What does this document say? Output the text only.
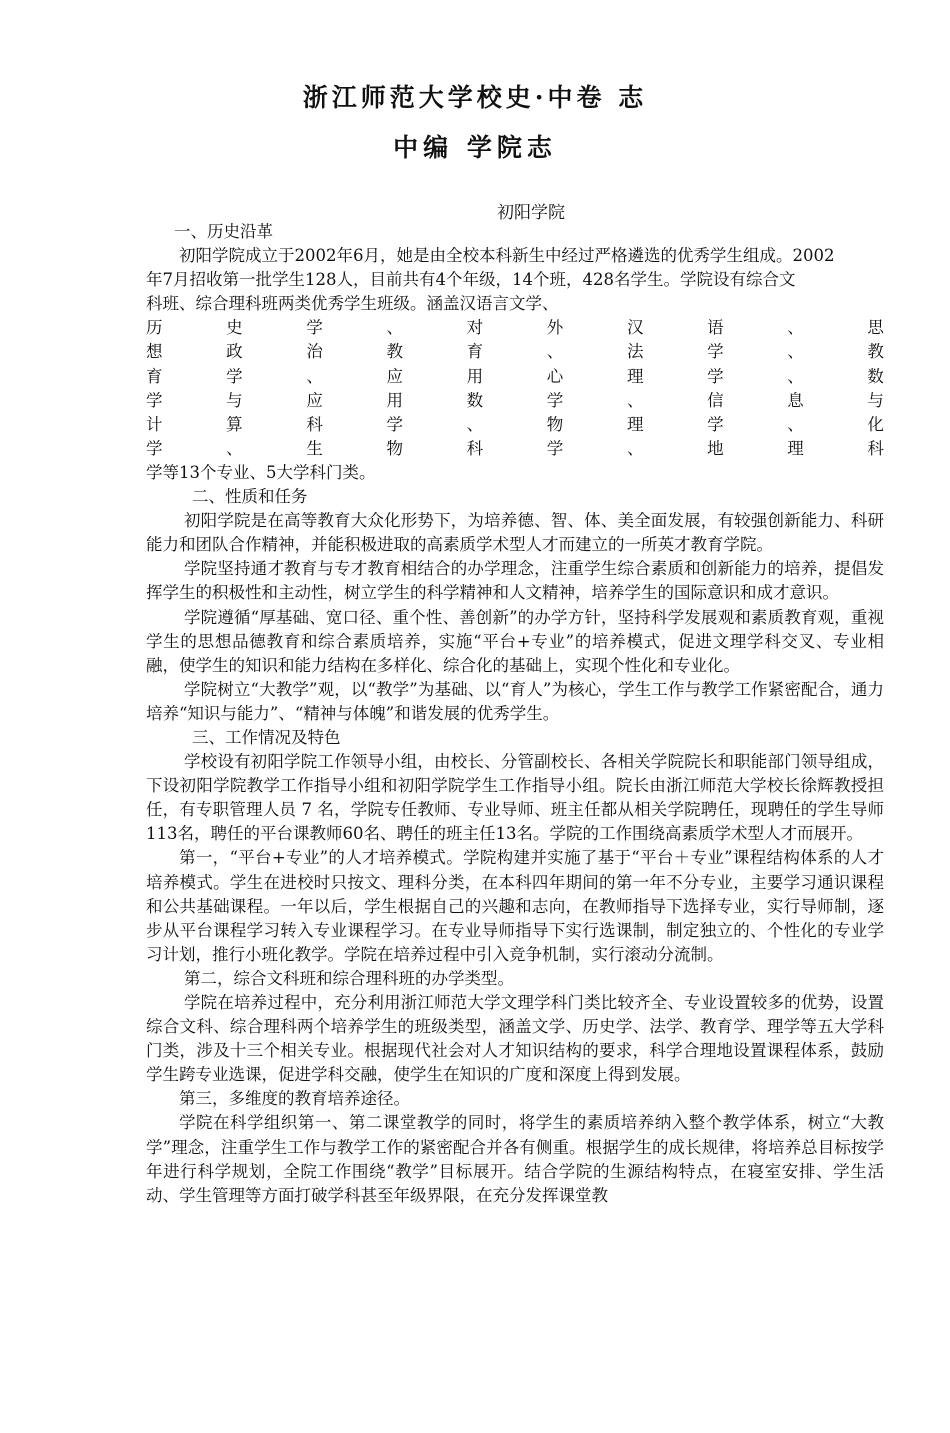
浙江师范大学校史·中卷 志
中编 学院志
初阳学院

一、历史沿革

初阳学院成立于2002年6月，她是由全校本科新生中经过严格遴选的优秀学生组成。2002

年7月招收第一批学生128人，目前共有4个年级，14个班，428名学生。学院设有综合文

科班、综合理科班两类优秀学生班级。涵盖汉语言文学、

历	史	学	、	对	外	汉	语	、	思
想	政	治	教	育	、	法	学	、	教
育	学	、	应	用	心	理	学	、	数
学	与	应	用	数	学	、	信	息	与
计	算	科	学	、	物	理	学	、	化
学	、	生	物	科	学	、	地	理	科

学等13个专业、5大学科门类。

二、性质和任务

初阳学院是在高等教育大众化形势下，为培养德、智、体、美全面发展，有较强创新能力、科研能力和团队合作精神，并能积极进取的高素质学术型人才而建立的一所英才教育学院。

学院坚持通才教育与专才教育相结合的办学理念，注重学生综合素质和创新能力的培养，提倡发挥学生的积极性和主动性，树立学生的科学精神和人文精神，培养学生的国际意识和成才意识。

学院遵循“厚基础、宽口径、重个性、善创新”的办学方针，坚持科学发展观和素质教育观，重视学生的思想品德教育和综合素质培养，实施“平台+专业”的培养模式，促进文理学科交叉、专业相融，使学生的知识和能力结构在多样化、综合化的基础上，实现个性化和专业化。

学院树立“大教学”观，以“教学”为基础、以“育人”为核心，学生工作与教学工作紧密配合，通力培养“知识与能力”、“精神与体魄”和谐发展的优秀学生。

三、工作情况及特色

学校设有初阳学院工作领导小组，由校长、分管副校长、各相关学院院长和职能部门领导组成，下设初阳学院教学工作指导小组和初阳学院学生工作指导小组。院长由浙江师范大学校长徐辉教授担任，有专职管理人员 7 名，学院专任教师、专业导师、班主任都从相关学院聘任，现聘任的学生导师113名，聘任的平台课教师60名、聘任的班主任13名。学院的工作围绕高素质学术型人才而展开。

第一，“平台+专业”的人才培养模式。学院构建并实施了基于“平台＋专业”课程结构体系的人才培养模式。学生在进校时只按文、理科分类，在本科四年期间的第一年不分专业，主要学习通识课程和公共基础课程。一年以后，学生根据自己的兴趣和志向，在教师指导下选择专业，实行导师制，逐步从平台课程学习转入专业课程学习。在专业导师指导下实行选课制，制定独立的、个性化的专业学习计划，推行小班化教学。学院在培养过程中引入竞争机制，实行滚动分流制。

第二，综合文科班和综合理科班的办学类型。

学院在培养过程中，充分利用浙江师范大学文理学科门类比较齐全、专业设置较多的优势，设置综合文科、综合理科两个培养学生的班级类型，涵盖文学、历史学、法学、教育学、理学等五大学科门类，涉及十三个相关专业。根据现代社会对人才知识结构的要求，科学合理地设置课程体系，鼓励学生跨专业选课，促进学科交融，使学生在知识的广度和深度上得到发展。

第三，多维度的教育培养途径。

学院在科学组织第一、第二课堂教学的同时，将学生的素质培养纳入整个教学体系，树立“大教学”理念，注重学生工作与教学工作的紧密配合并各有侧重。根据学生的成长规律，将培养总目标按学年进行科学规划，全院工作围绕“教学”目标展开。结合学院的生源结构特点，在寝室安排、学生活动、学生管理等方面打破学科甚至年级界限，在充分发挥课堂教
